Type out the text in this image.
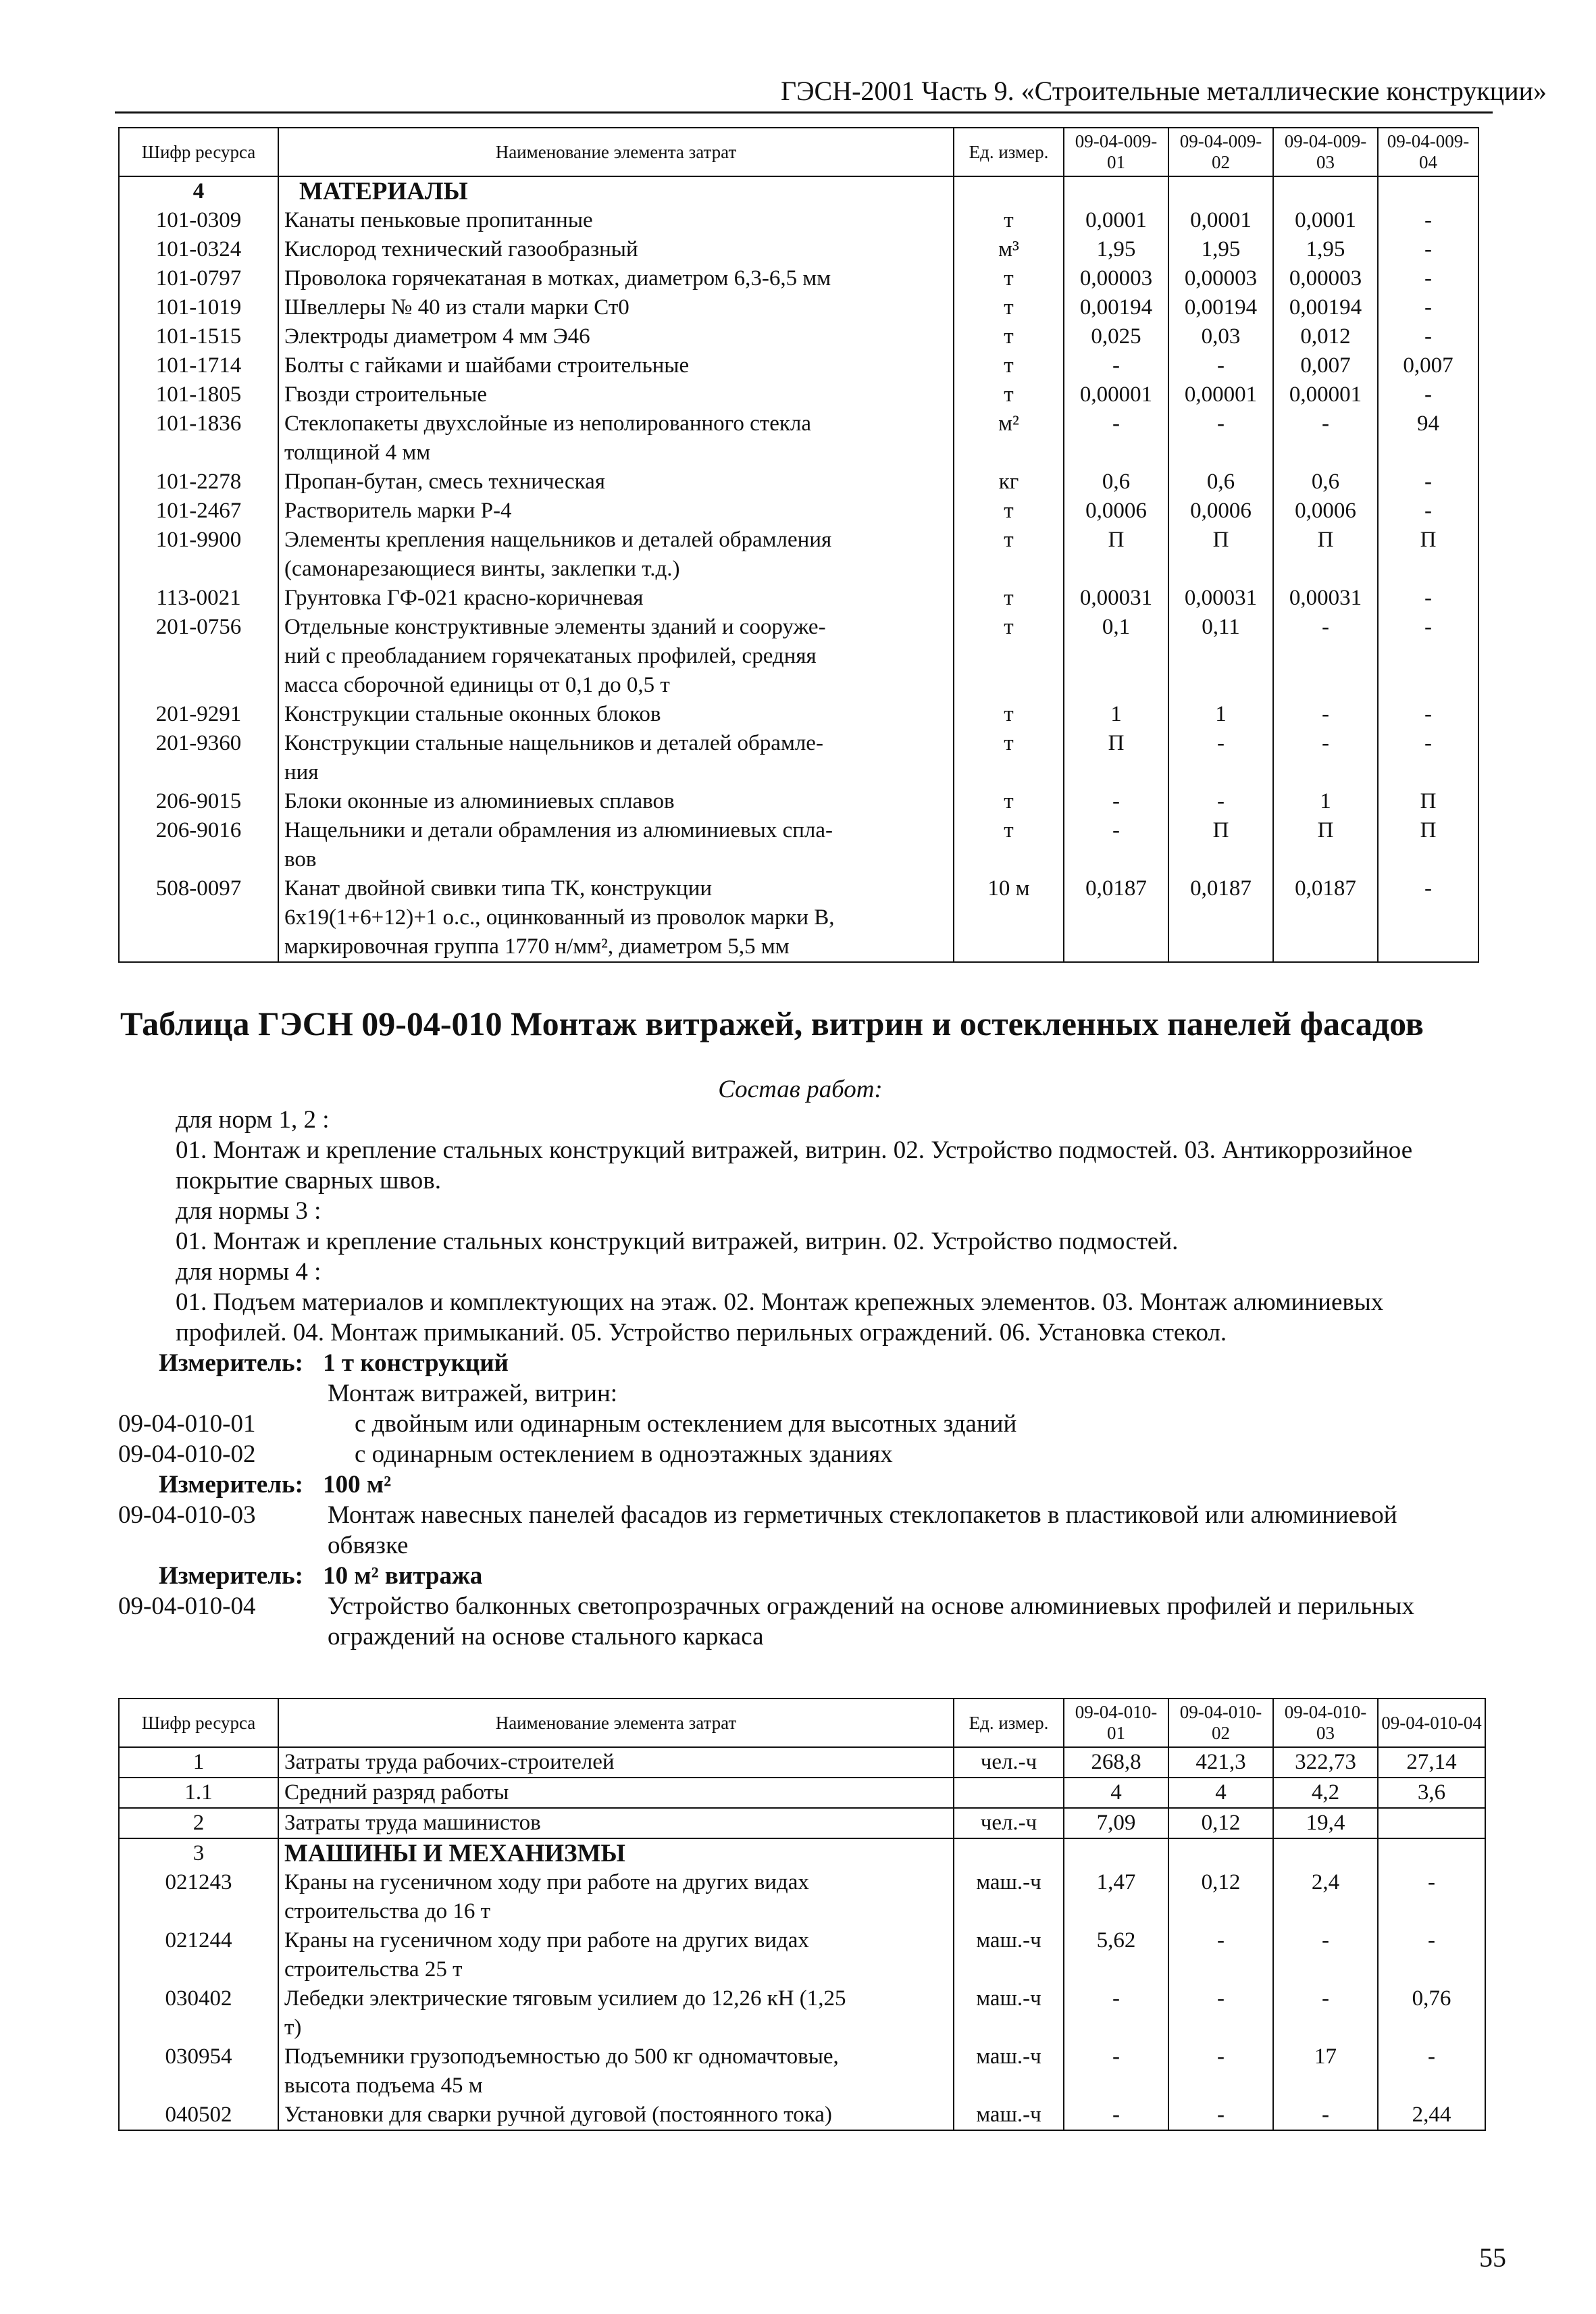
ГЭСН-2001 Часть 9. «Строительные металлические конструкции»
Шифр ресурса	Наименование элемента затрат	Ед. измер.	09-04-009-01	09-04-009-02	09-04-009-03	09-04-009-04
4	МАТЕРИАЛЫ					
101-0309	Канаты пеньковые пропитанные	т	0,0001	0,0001	0,0001	-
101-0324	Кислород технический газообразный	м³	1,95	1,95	1,95	-
101-0797	Проволока горячекатаная в мотках, диаметром 6,3-6,5 мм	т	0,00003	0,00003	0,00003	-
101-1019	Швеллеры № 40 из стали марки Ст0	т	0,00194	0,00194	0,00194	-
101-1515	Электроды диаметром 4 мм Э46	т	0,025	0,03	0,012	-
101-1714	Болты с гайками и шайбами строительные	т	-	-	0,007	0,007
101-1805	Гвозди строительные	т	0,00001	0,00001	0,00001	-
101-1836	Стеклопакеты двухслойные из неполированного стекла
толщиной 4 мм	м²	-	-	-	94
101-2278	Пропан-бутан, смесь техническая	кг	0,6	0,6	0,6	-
101-2467	Растворитель марки Р-4	т	0,0006	0,0006	0,0006	-
101-9900	Элементы крепления нащельников и деталей обрамления
(самонарезающиеся винты, заклепки т.д.)	т	П	П	П	П
113-0021	Грунтовка ГФ-021 красно-коричневая	т	0,00031	0,00031	0,00031	-
201-0756	Отдельные конструктивные элементы зданий и сооруже-
ний с преобладанием горячекатаных профилей, средняя
масса сборочной единицы от 0,1 до 0,5 т	т	0,1	0,11	-	-
201-9291	Конструкции стальные оконных блоков	т	1	1	-	-
201-9360	Конструкции стальные нащельников и деталей обрамле-
ния	т	П	-	-	-
206-9015	Блоки оконные из алюминиевых сплавов	т	-	-	1	П
206-9016	Нащельники и детали обрамления из алюминиевых спла-
вов	т	-	П	П	П
508-0097	Канат двойной свивки типа ТК, конструкции
6х19(1+6+12)+1 о.с., оцинкованный из проволок марки В,
маркировочная группа 1770 н/мм², диаметром 5,5 мм	10 м	0,0187	0,0187	0,0187	-
Таблица ГЭСН 09-04-010 Монтаж витражей, витрин и остекленных панелей фасадов

Состав работ:

для норм 1, 2 :

01. Монтаж и крепление стальных конструкций витражей, витрин. 02. Устройство подмостей. 03. Антикоррозийное покрытие сварных швов.

для нормы 3 :

01. Монтаж и крепление стальных конструкций витражей, витрин. 02. Устройство подмостей.

для нормы 4 :

01. Подъем материалов и комплектующих на этаж. 02. Монтаж крепежных элементов. 03. Монтаж алюминиевых профилей. 04. Монтаж примыканий. 05. Устройство перильных ограждений. 06. Установка стекол.

Измеритель: 1 т конструкций

Монтаж витражей, витрин:

09-04-010-01	с двойным или одинарным остеклением для высотных зданий
09-04-010-02	с одинарным остеклением в одноэтажных зданиях

Измеритель: 100 м²

09-04-010-03	Монтаж навесных панелей фасадов из герметичных стеклопакетов в пластиковой или алюминиевой обвязке

Измеритель: 10 м² витража

09-04-010-04	Устройство балконных светопрозрачных ограждений на основе алюминиевых профилей и перильных ограждений на основе стального каркаса
Шифр ресурса	Наименование элемента затрат	Ед. измер.	09-04-010-01	09-04-010-02	09-04-010-03	09-04-010-04
1	Затраты труда рабочих-строителей	чел.-ч	268,8	421,3	322,73	27,14
1.1	Средний разряд работы		4	4	4,2	3,6
2	Затраты труда машинистов	чел.-ч	7,09	0,12	19,4	
3	МАШИНЫ И МЕХАНИЗМЫ					
021243	Краны на гусеничном ходу при работе на других видах
строительства до 16 т	маш.-ч	1,47	0,12	2,4	-
021244	Краны на гусеничном ходу при работе на других видах
строительства 25 т	маш.-ч	5,62	-	-	-
030402	Лебедки электрические тяговым усилием до 12,26 кН (1,25
т)	маш.-ч	-	-	-	0,76
030954	Подъемники грузоподъемностью до 500 кг одномачтовые,
высота подъема 45 м	маш.-ч	-	-	17	-
040502	Установки для сварки ручной дуговой (постоянного тока)	маш.-ч	-	-	-	2,44
55
